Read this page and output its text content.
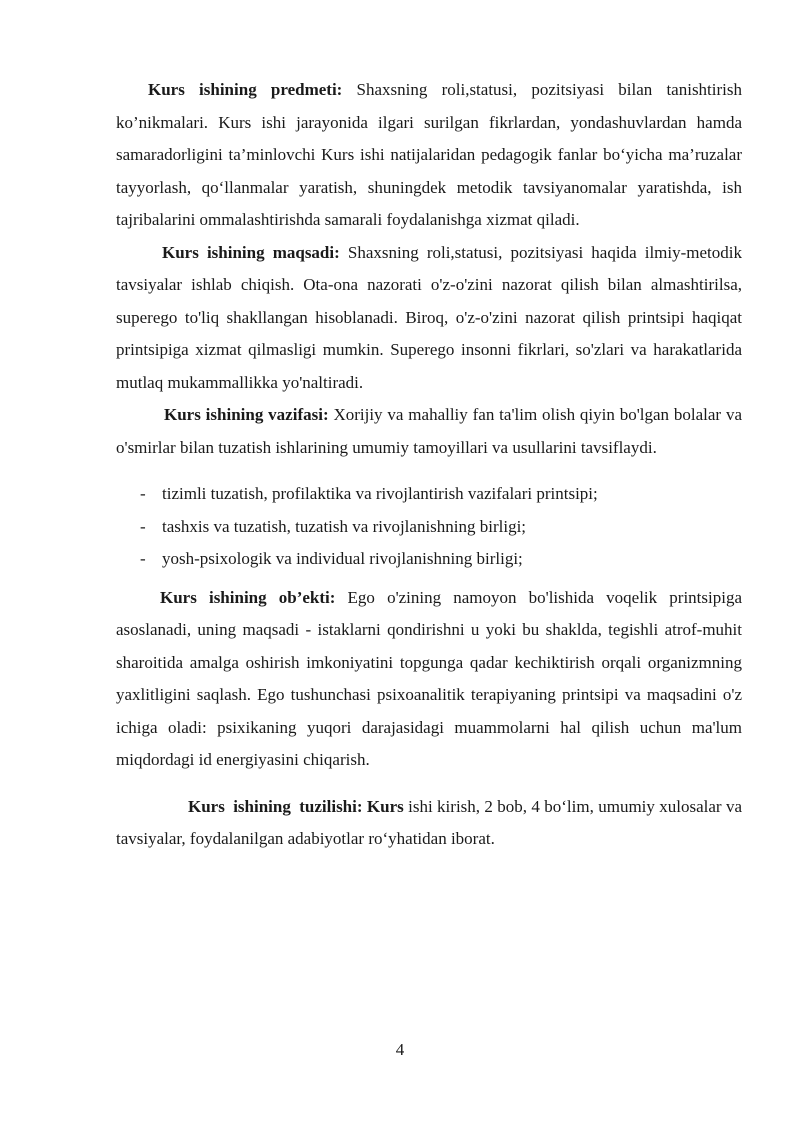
Kurs ishining predmeti: Shaxsning roli,statusi, pozitsiyasi bilan tanishtirish ko’nikmalari. Kurs ishi jarayonida ilgari surilgan fikrlardan, yondashuvlardan hamda samaradorligini ta’minlovchi Kurs ishi natijalaridan pedagogik fanlar bo‘yicha ma’ruzalar tayyorlash, qo‘llanmalar yaratish, shuningdek metodik tavsiyanomalar yaratishda, ish tajribalarini ommalashtirishda samarali foydalanishga xizmat qiladi.

Kurs ishining maqsadi: Shaxsning roli,statusi, pozitsiyasi haqida ilmiy-metodik tavsiyalar ishlab chiqish. Ota-ona nazorati o'z-o'zini nazorat qilish bilan almashtirilsa, superego to'liq shakllangan hisoblanadi. Biroq, o'z-o'zini nazorat qilish printsipi haqiqat printsipiga xizmat qilmasligi mumkin. Superego insonni fikrlari, so'zlari va harakatlarida mutlaq mukammallikka yo'naltiradi.

Kurs ishining vazifasi: Xorijiy va mahalliy fan ta'lim olish qiyin bo'lgan bolalar va o'smirlar bilan tuzatish ishlarining umumiy tamoyillari va usullarini tavsiflaydi.

- tizimli tuzatish, profilaktika va rivojlantirish vazifalari printsipi;
- tashxis va tuzatish, tuzatish va rivojlanishning birligi;
- yosh-psixologik va individual rivojlanishning birligi;

Kurs ishining ob’ekti: Ego o'zining namoyon bo'lishida voqelik printsipiga asoslanadi, uning maqsadi - istaklarni qondirishni u yoki bu shaklda, tegishli atrof-muhit sharoitida amalga oshirish imkoniyatini topgunga qadar kechiktirish orqali organizmning yaxlitligini saqlash. Ego tushunchasi psixoanalitik terapiyaning printsipi va maqsadini o'z ichiga oladi: psixikaning yuqori darajasidagi muammolarni hal qilish uchun ma'lum miqdordagi id energiyasini chiqarish.

Kurs ishining tuzilishi: Kurs ishi kirish, 2 bob, 4 bo‘lim, umumiy xulosalar va tavsiyalar, foydalanilgan adabiyotlar ro‘yhatidan iborat.

4
